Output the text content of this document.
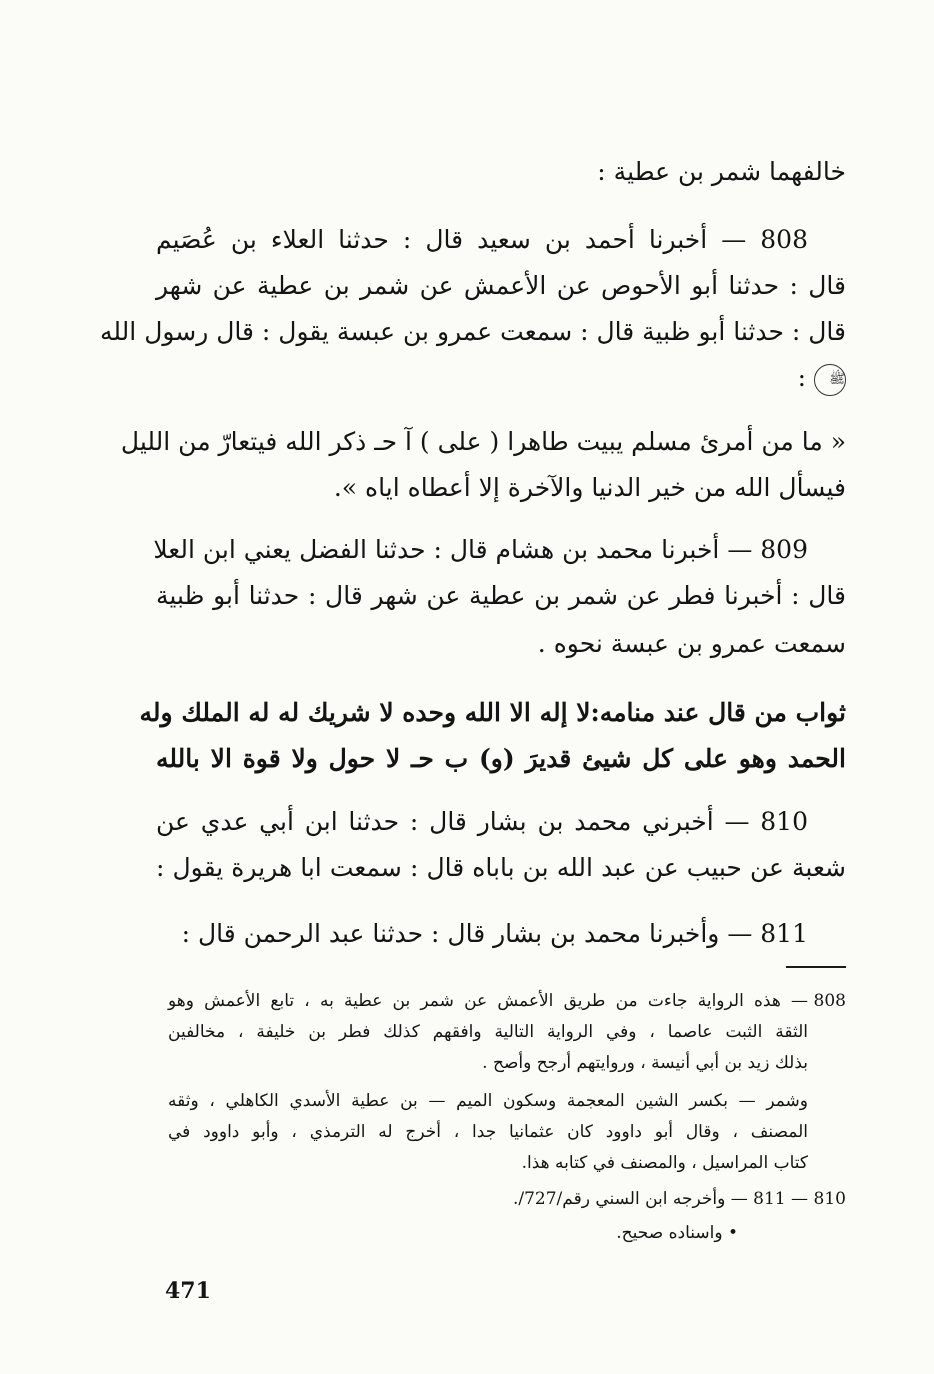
خالفهما شمر بن عطية :
808 — أخبرنا أحمد بن سعيد قال : حدثنا العلاء بن عُصَيم
قال : حدثنا أبو الأحوص عن الأعمش عن شمر بن عطية عن شهر
قال : حدثنا أبو ظبية قال : سمعت عمرو بن عبسة يقول : قال رسول الله
ﷺ :
« ما من أمرئ مسلم يبيت طاهرا ( على ) آ حـ ذكر الله فيتعارّ من الليل
فيسأل الله من خير الدنيا والآخرة إلا أعطاه اياه ».
809 — أخبرنا محمد بن هشام قال : حدثنا الفضل يعني ابن العلا
قال : أخبرنا فطر عن شمر بن عطية عن شهر قال : حدثنا أبو ظبية
سمعت عمرو بن عبسة نحوه .
ثواب من قال عند منامه:لا إله الا الله وحده لا شريك له له الملك وله
الحمد وهو على كل شيئ قديرَ (و) ب حـ لا حول ولا قوة الا بالله
810 — أخبرني محمد بن بشار قال : حدثنا ابن أبي عدي عن
شعبة عن حبيب عن عبد الله بن باباه قال : سمعت ابا هريرة يقول :
811 — وأخبرنا محمد بن بشار قال : حدثنا عبد الرحمن قال :
808
— هذه الرواية جاءت من طريق الأعمش عن شمر بن عطية به ، تابع الأعمش وهو
الثقة الثبت عاصما ، وفي الرواية التالية وافقهم كذلك فطر بن خليفة ، مخالفين
بذلك زيد بن أبي أنيسة ، وروايتهم أرجح وأصح .
وشمر — بكسر الشين المعجمة وسكون الميم — بن عطية الأسدي الكاهلي ، وثقه
المصنف ، وقال أبو داوود كان عثمانيا جدا ، أخرج له الترمذي ، وأبو داوود في
كتاب المراسيل ، والمصنف في كتابه هذا.
810
— 811 — وأخرجه ابن السني رقم/727/.
• واسناده صحيح.
471
